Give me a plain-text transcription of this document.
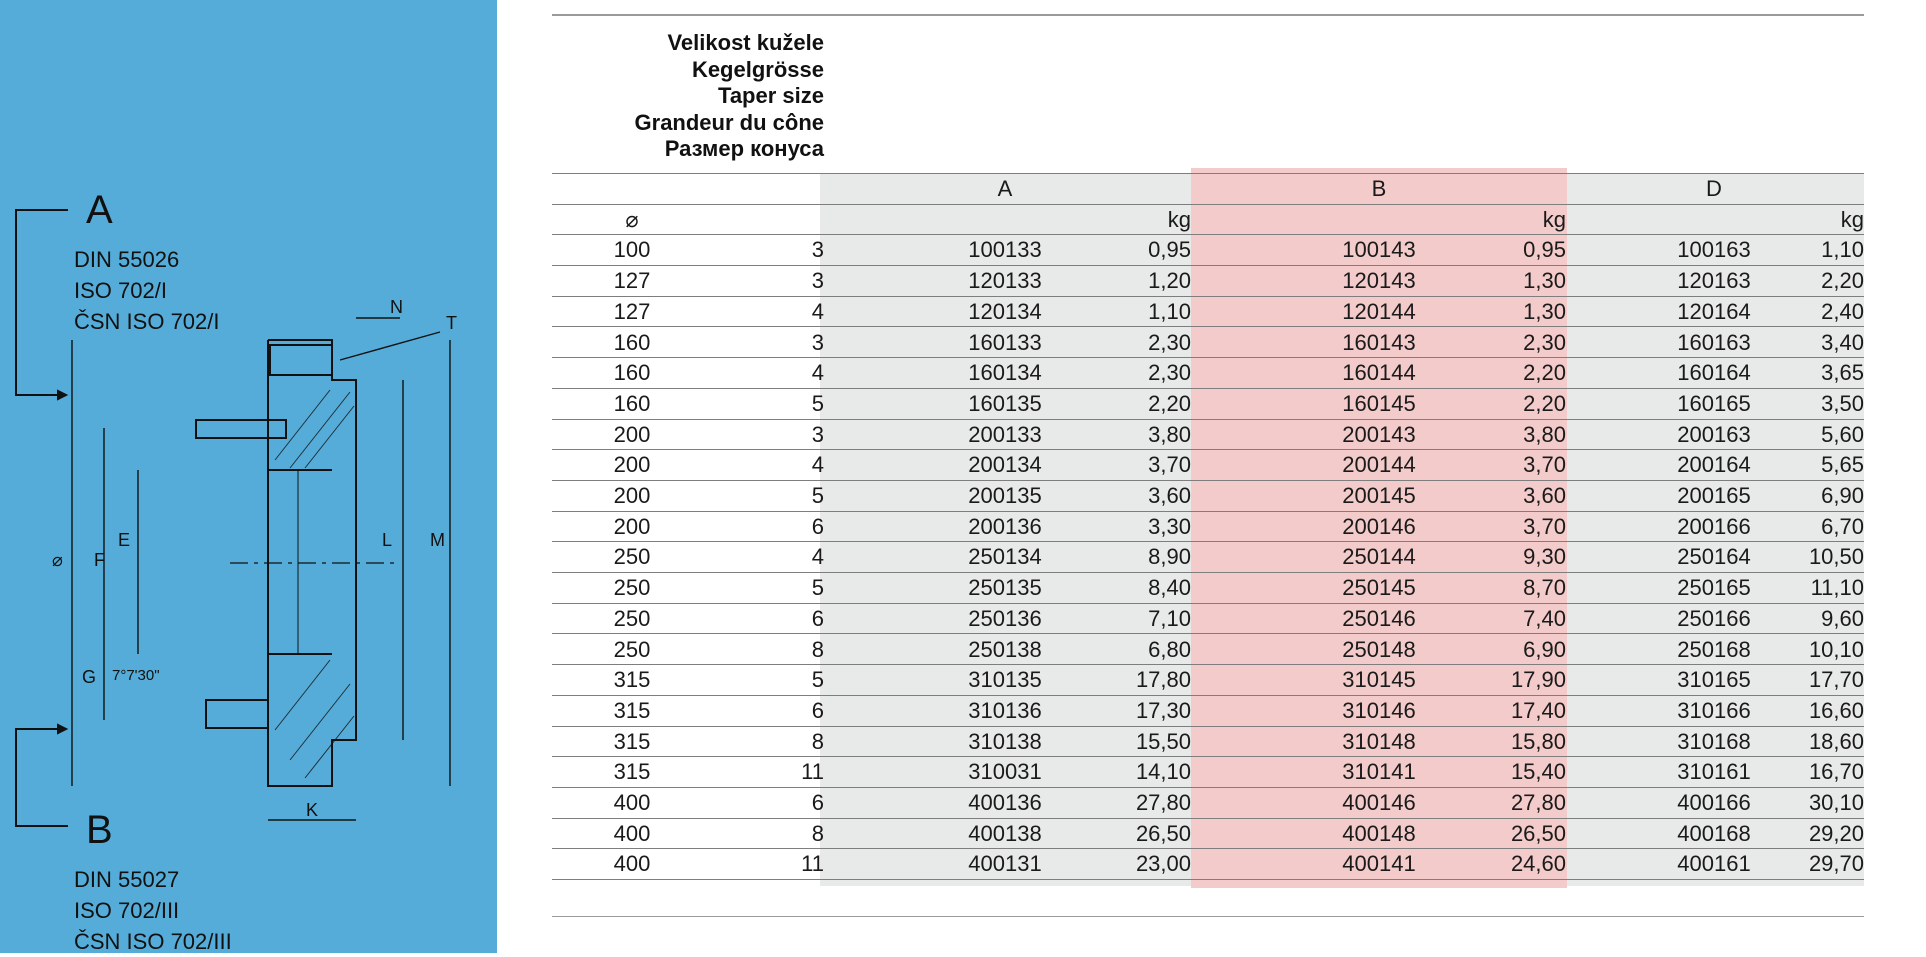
A
DIN 55026
ISO 702/I
ČSN ISO 702/I
B
DIN 55027
ISO 702/III
ČSN ISO 702/III
N
T
⌀ F
E	L M
G
K
7°7'30"
Velikost kužele
Kegelgrösse
Taper size
Grandeur du cône
Размер конуса
A	B	D
⌀	kg	kg	kg
100	3	100133	0,95	100143	0,95	100163	1,10
127	3	120133	1,20	120143	1,30	120163	2,20
127	4	120134	1,10	120144	1,30	120164	2,40
160	3	160133	2,30	160143	2,30	160163	3,40
160	4	160134	2,30	160144	2,20	160164	3,65
160	5	160135	2,20	160145	2,20	160165	3,50
200	3	200133	3,80	200143	3,80	200163	5,60
200	4	200134	3,70	200144	3,70	200164	5,65
200	5	200135	3,60	200145	3,60	200165	6,90
200	6	200136	3,30	200146	3,70	200166	6,70
250	4	250134	8,90	250144	9,30	250164	10,50
250	5	250135	8,40	250145	8,70	250165	11,10
250	6	250136	7,10	250146	7,40	250166	9,60
250	8	250138	6,80	250148	6,90	250168	10,10
315	5	310135	17,80	310145	17,90	310165	17,70
315	6	310136	17,30	310146	17,40	310166	16,60
315	8	310138	15,50	310148	15,80	310168	18,60
315	11	310031	14,10	310141	15,40	310161	16,70
400	6	400136	27,80	400146	27,80	400166	30,10
400	8	400138	26,50	400148	26,50	400168	29,20
400	11	400131	23,00	400141	24,60	400161	29,70
